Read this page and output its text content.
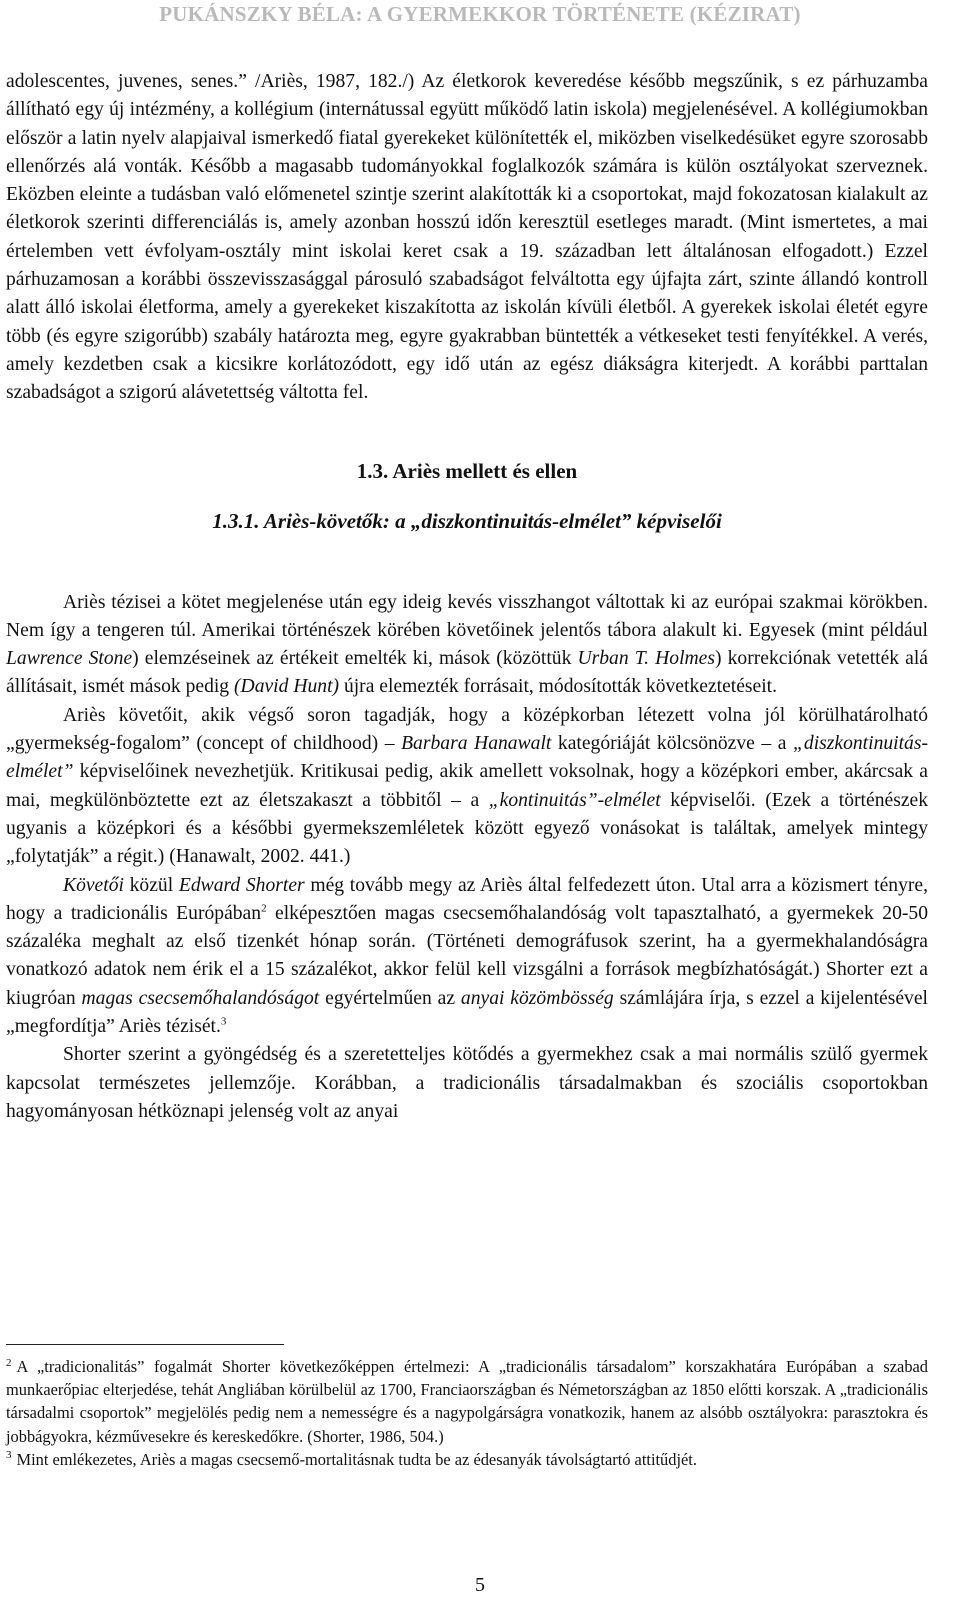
PUKÁNSZKY BÉLA: A GYERMEKKOR TÖRTÉNETE (KÉZIRAT)

adolescentes, juvenes, senes.” /Ariès, 1987, 182./) Az életkorok keveredése később megszűnik, s ez párhuzamba állítható egy új intézmény, a kollégium (internátussal együtt működő latin iskola) megjelenésével. A kollégiumokban először a latin nyelv alapjaival ismerkedő fiatal gyerekeket különítették el, miközben viselkedésüket egyre szorosabb ellenőrzés alá vonták. Később a magasabb tudományokkal foglalkozók számára is külön osztályokat szerveznek. Eközben eleinte a tudásban való előmenetel szintje szerint alakították ki a csoportokat, majd fokozatosan kialakult az életkorok szerinti differenciálás is, amely azonban hosszú időn keresztül esetleges maradt. (Mint ismertetes, a mai értelemben vett évfolyam-osztály mint iskolai keret csak a 19. században lett általánosan elfogadott.) Ezzel párhuzamosan a korábbi összevisszasággal párosuló szabadságot felváltotta egy újfajta zárt, szinte állandó kontroll alatt álló iskolai életforma, amely a gyerekeket kiszakította az iskolán kívüli életből. A gyerekek iskolai életét egyre több (és egyre szigorúbb) szabály határozta meg, egyre gyakrabban büntették a vétkeseket testi fenyítékkel. A verés, amely kezdetben csak a kicsikre korlátozódott, egy idő után az egész diákságra kiterjedt. A korábbi parttalan szabadságot a szigorú alávetettség váltotta fel.

1.3. Ariès mellett és ellen
1.3.1. Ariès-követők: a „diszkontinuitás-elmélet” képviselői

Ariès tézisei a kötet megjelenése után egy ideig kevés visszhangot váltottak ki az európai szakmai körökben. Nem így a tengeren túl. Amerikai történészek körében követőinek jelentős tábora alakult ki. Egyesek (mint például Lawrence Stone) elemzéseinek az értékeit emelték ki, mások (közöttük Urban T. Holmes) korrekciónak vetették alá állításait, ismét mások pedig (David Hunt) újra elemezték forrásait, módosították következtetéseit.

Ariès követőit, akik végső soron tagadják, hogy a középkorban létezett volna jól körülhatárolható „gyermekség-fogalom” (concept of childhood) – Barbara Hanawalt kategóriáját kölcsönözve – a „diszkontinuitás-elmélet” képviselőinek nevezhetjük. Kritikusai pedig, akik amellett voksolnak, hogy a középkori ember, akárcsak a mai, megkülönböztette ezt az életszakaszt a többitől – a „kontinuitás”-elmélet képviselői. (Ezek a történészek ugyanis a középkori és a későbbi gyermekszemléletek között egyező vonásokat is találtak, amelyek mintegy „folytatják” a régit.) (Hanawalt, 2002. 441.)

Követői közül Edward Shorter még tovább megy az Ariès által felfedezett úton. Utal arra a közismert tényre, hogy a tradicionális Európában$^2$ elképesztően magas csecsemőhalandóság volt tapasztalható, a gyermekek 20-50 százaléka meghalt az első tizenkét hónap során. (Történeti demográfusok szerint, ha a gyermekhalandóságra vonatkozó adatok nem érik el a 15 százalékot, akkor felül kell vizsgálni a források megbízhatóságát.) Shorter ezt a kiugróan magas csecsemőhalandóságot egyértelműen az anyai közömbösség számlájára írja, s ezzel a kijelentésével „megfordítja” Ariès tézisét.$^3$

Shorter szerint a gyöngédség és a szeretetteljes kötődés a gyermekhez csak a mai normális szülő gyermek kapcsolat természetes jellemzője. Korábban, a tradicionális társadalmakban és szociális csoportokban hagyományosan hétköznapi jelenség volt az anyai

$^2$ A „tradicionalitás” fogalmát Shorter következőképpen értelmezi: A „tradicionális társadalom” korszakhatára Európában a szabad munkaerőpiac elterjedése, tehát Angliában körülbelül az 1700, Franciaországban és Németországban az 1850 előtti korszak. A „tradicionális társadalmi csoportok” megjelölés pedig nem a nemességre és a nagypolgárságra vonatkozik, hanem az alsóbb osztályokra: parasztokra és jobbágyokra, kézművesekre és kereskedőkre. (Shorter, 1986, 504.)

$^3$ Mint emlékezetes, Ariès a magas csecsemő-mortalitásnak tudta be az édesanyák távolságtartó attitűdjét.

5
